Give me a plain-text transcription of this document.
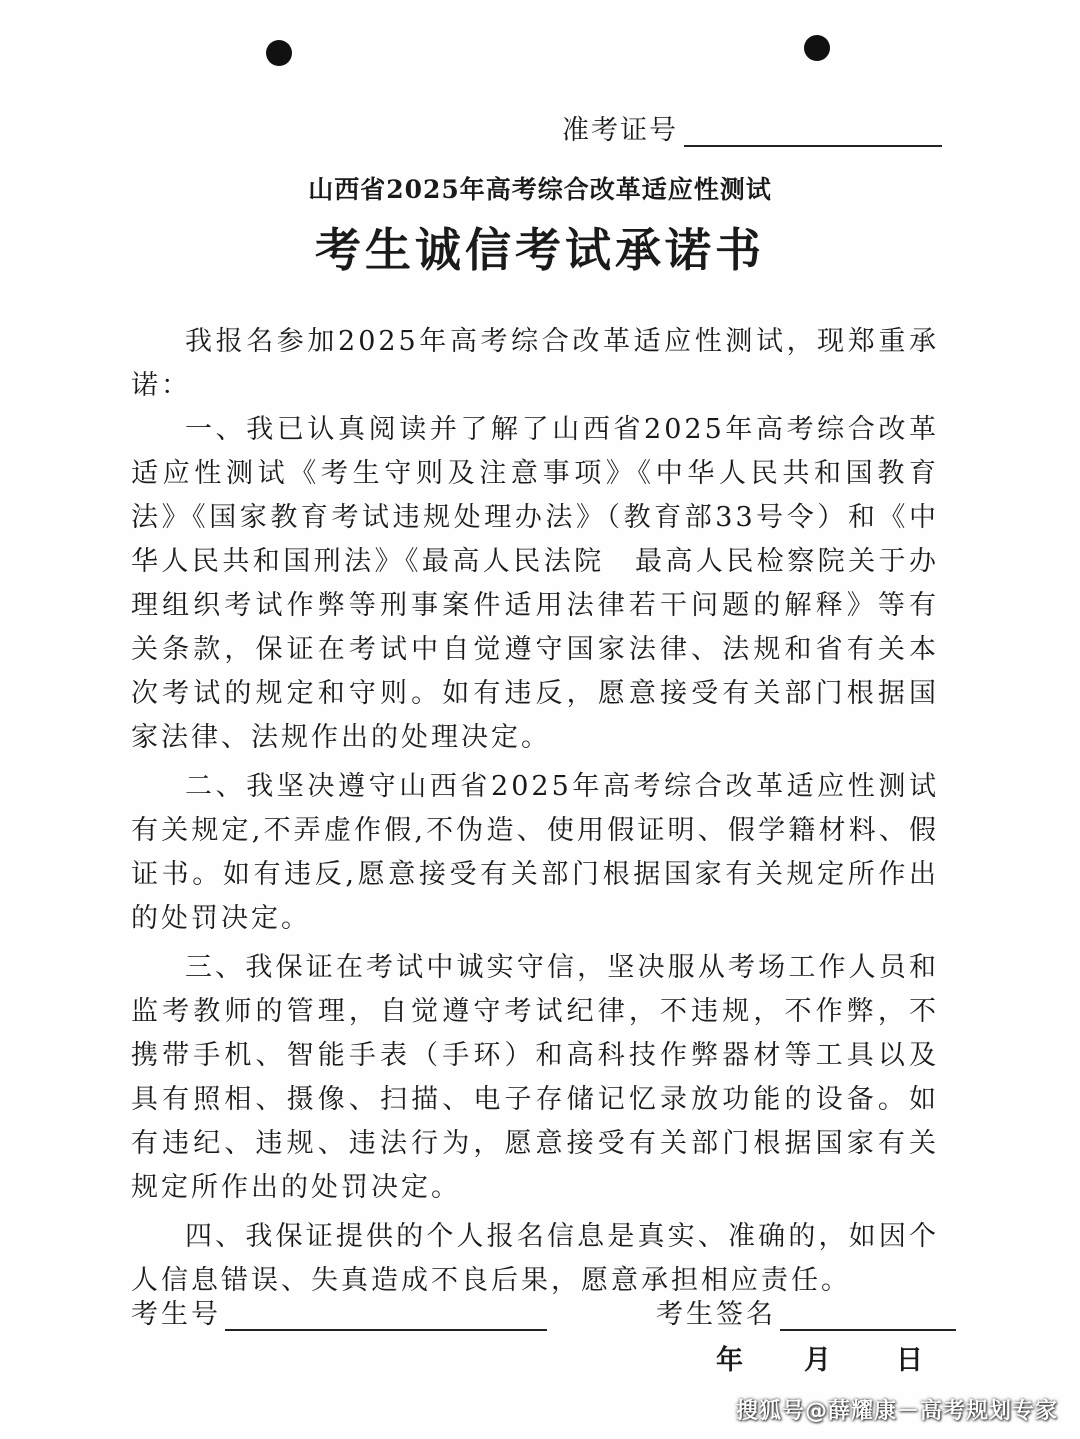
准考证号
山西省2025年高考综合改革适应性测试
考生诚信考试承诺书

我报名参加2025年高考综合改革适应性测试，现郑重承诺：

一、我已认真阅读并了解了山西省2025年高考综合改革适应性测试《考生守则及注意事项》《中华人民共和国教育法》《国家教育考试违规处理办法》（教育部33号令）和《中华人民共和国刑法》《最高人民法院　最高人民检察院关于办理组织考试作弊等刑事案件适用法律若干问题的解释》等有关条款，保证在考试中自觉遵守国家法律、法规和省有关本次考试的规定和守则。如有违反，愿意接受有关部门根据国家法律、法规作出的处理决定。

二、我坚决遵守山西省2025年高考综合改革适应性测试有关规定,不弄虚作假,不伪造、使用假证明、假学籍材料、假证书。如有违反,愿意接受有关部门根据国家有关规定所作出的处罚决定。

三、我保证在考试中诚实守信，坚决服从考场工作人员和监考教师的管理，自觉遵守考试纪律，不违规，不作弊，不携带手机、智能手表（手环）和高科技作弊器材等工具以及具有照相、摄像、扫描、电子存储记忆录放功能的设备。如有违纪、违规、违法行为，愿意接受有关部门根据国家有关规定所作出的处罚决定。

四、我保证提供的个人报名信息是真实、准确的，如因个人信息错误、失真造成不良后果，愿意承担相应责任。

考生号	考生签名
年 月 日
搜狐号@薛耀康－高考规划专家
